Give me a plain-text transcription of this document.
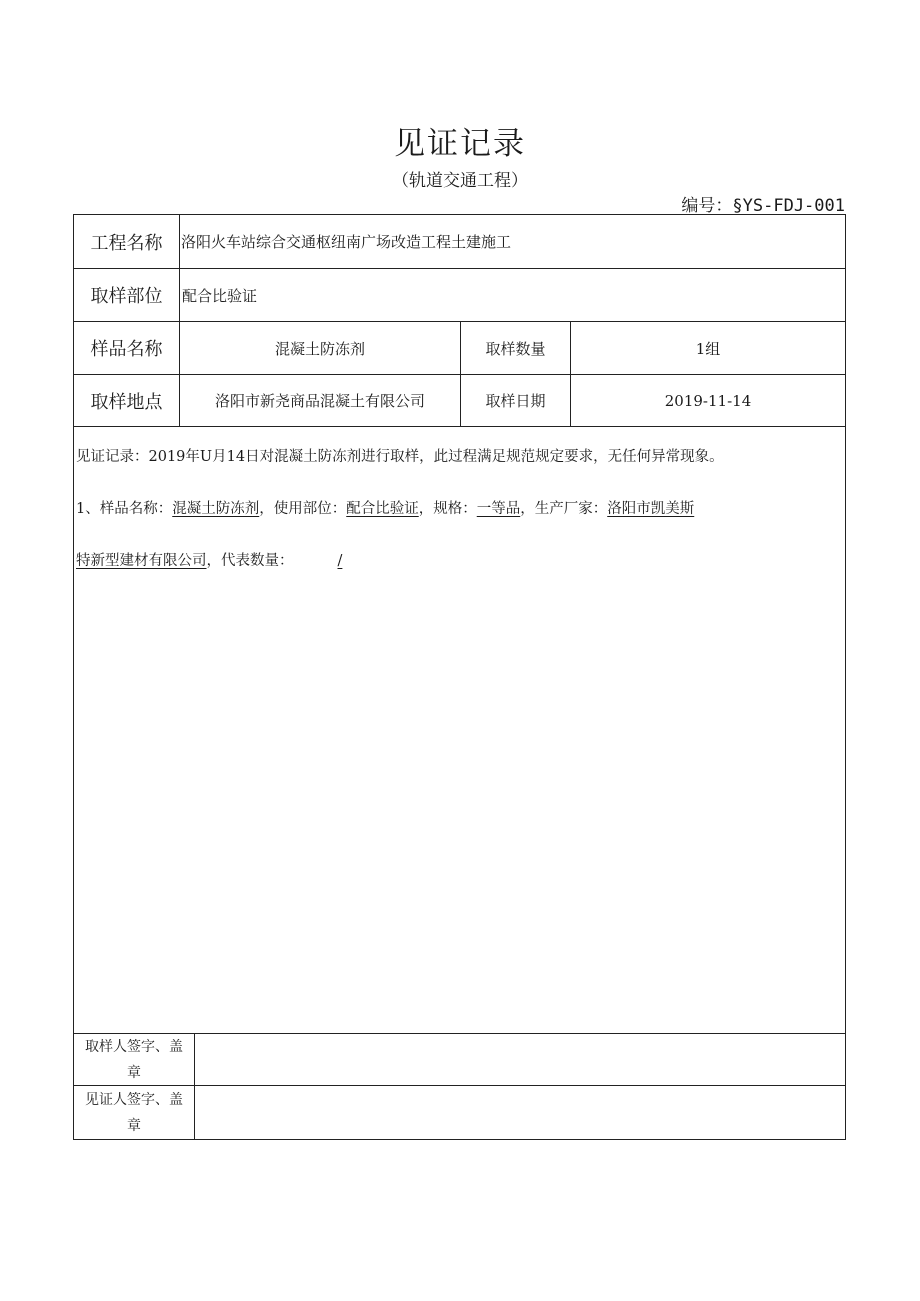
见证记录
（轨道交通工程）
编号：§YS-FDJ-001
工程名称	洛阳火车站综合交通枢纽南广场改造工程土建施工
取样部位	配合比验证
样品名称	混凝土防冻剂	取样数量	1组
取样地点	洛阳市新尧商品混凝土有限公司	取样日期	2019-11-14
见证记录：2019年U月14日对混凝土防冻剂进行取样，此过程满足规范规定要求，无任何异常现象。
1、样品名称：混凝土防冻剂，使用部位：配合比验证，规格：一等品，生产厂家：洛阳市凯美斯
特新型建材有限公司，代表数量：	/
取样人签字、盖章
见证人签字、盖章
